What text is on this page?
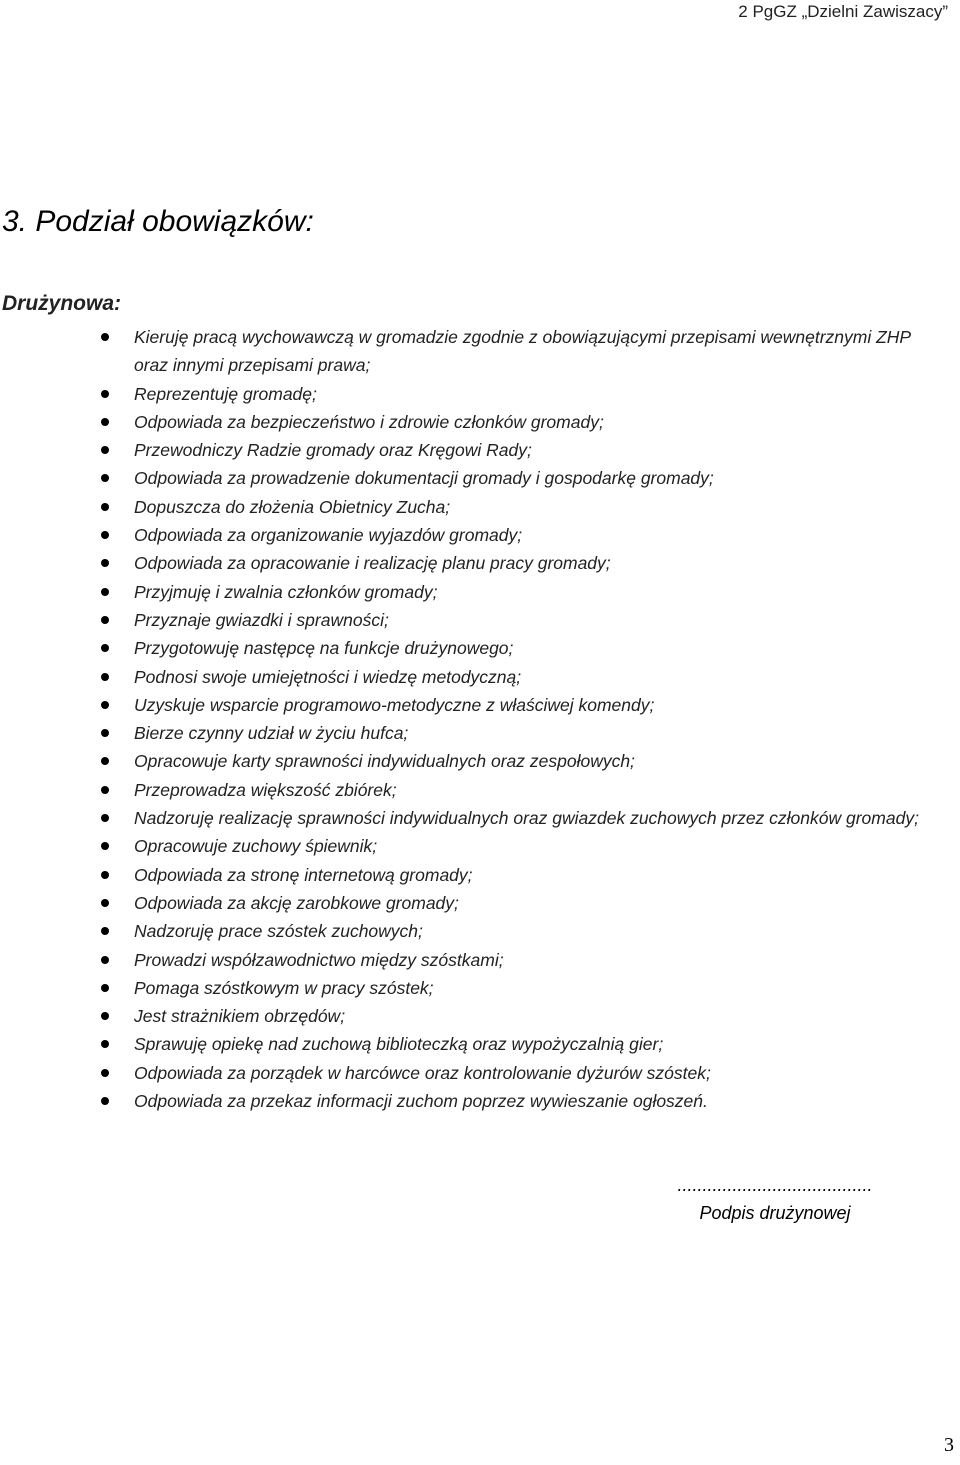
2 PgGZ „Dzielni Zawiszacy”
3. Podział obowiązków:
Drużynowa:
Kieruję pracą wychowawczą w gromadzie zgodnie z obowiązującymi przepisami wewnętrznymi ZHP oraz innymi przepisami prawa;
Reprezentuję gromadę;
Odpowiada za bezpieczeństwo i zdrowie członków gromady;
Przewodniczy Radzie gromady oraz Kręgowi Rady;
Odpowiada za prowadzenie dokumentacji gromady i gospodarkę gromady;
Dopuszcza do złożenia Obietnicy Zucha;
Odpowiada za organizowanie wyjazdów gromady;
Odpowiada za opracowanie i realizację planu pracy gromady;
Przyjmuję i zwalnia członków gromady;
Przyznaje gwiazdki i sprawności;
Przygotowuję następcę na funkcje drużynowego;
Podnosi swoje umiejętności i wiedzę metodyczną;
Uzyskuje wsparcie programowo-metodyczne z właściwej komendy;
Bierze czynny udział w życiu hufca;
Opracowuje karty sprawności indywidualnych oraz zespołowych;
Przeprowadza większość zbiórek;
Nadzoruję realizację sprawności indywidualnych oraz gwiazdek zuchowych przez członków gromady;
Opracowuje zuchowy śpiewnik;
Odpowiada za stronę internetową gromady;
Odpowiada za akcję zarobkowe gromady;
Nadzoruję prace szóstek zuchowych;
Prowadzi współzawodnictwo między szóstkami;
Pomaga szóstkowym w pracy szóstek;
Jest strażnikiem obrzędów;
Sprawuję opiekę nad zuchową biblioteczką oraz wypożyczalnią gier;
Odpowiada za porządek w harcówce oraz kontrolowanie dyżurów szóstek;
Odpowiada za przekaz informacji zuchom poprzez wywieszanie ogłoszeń.
.......................................
Podpis drużynowej
3
